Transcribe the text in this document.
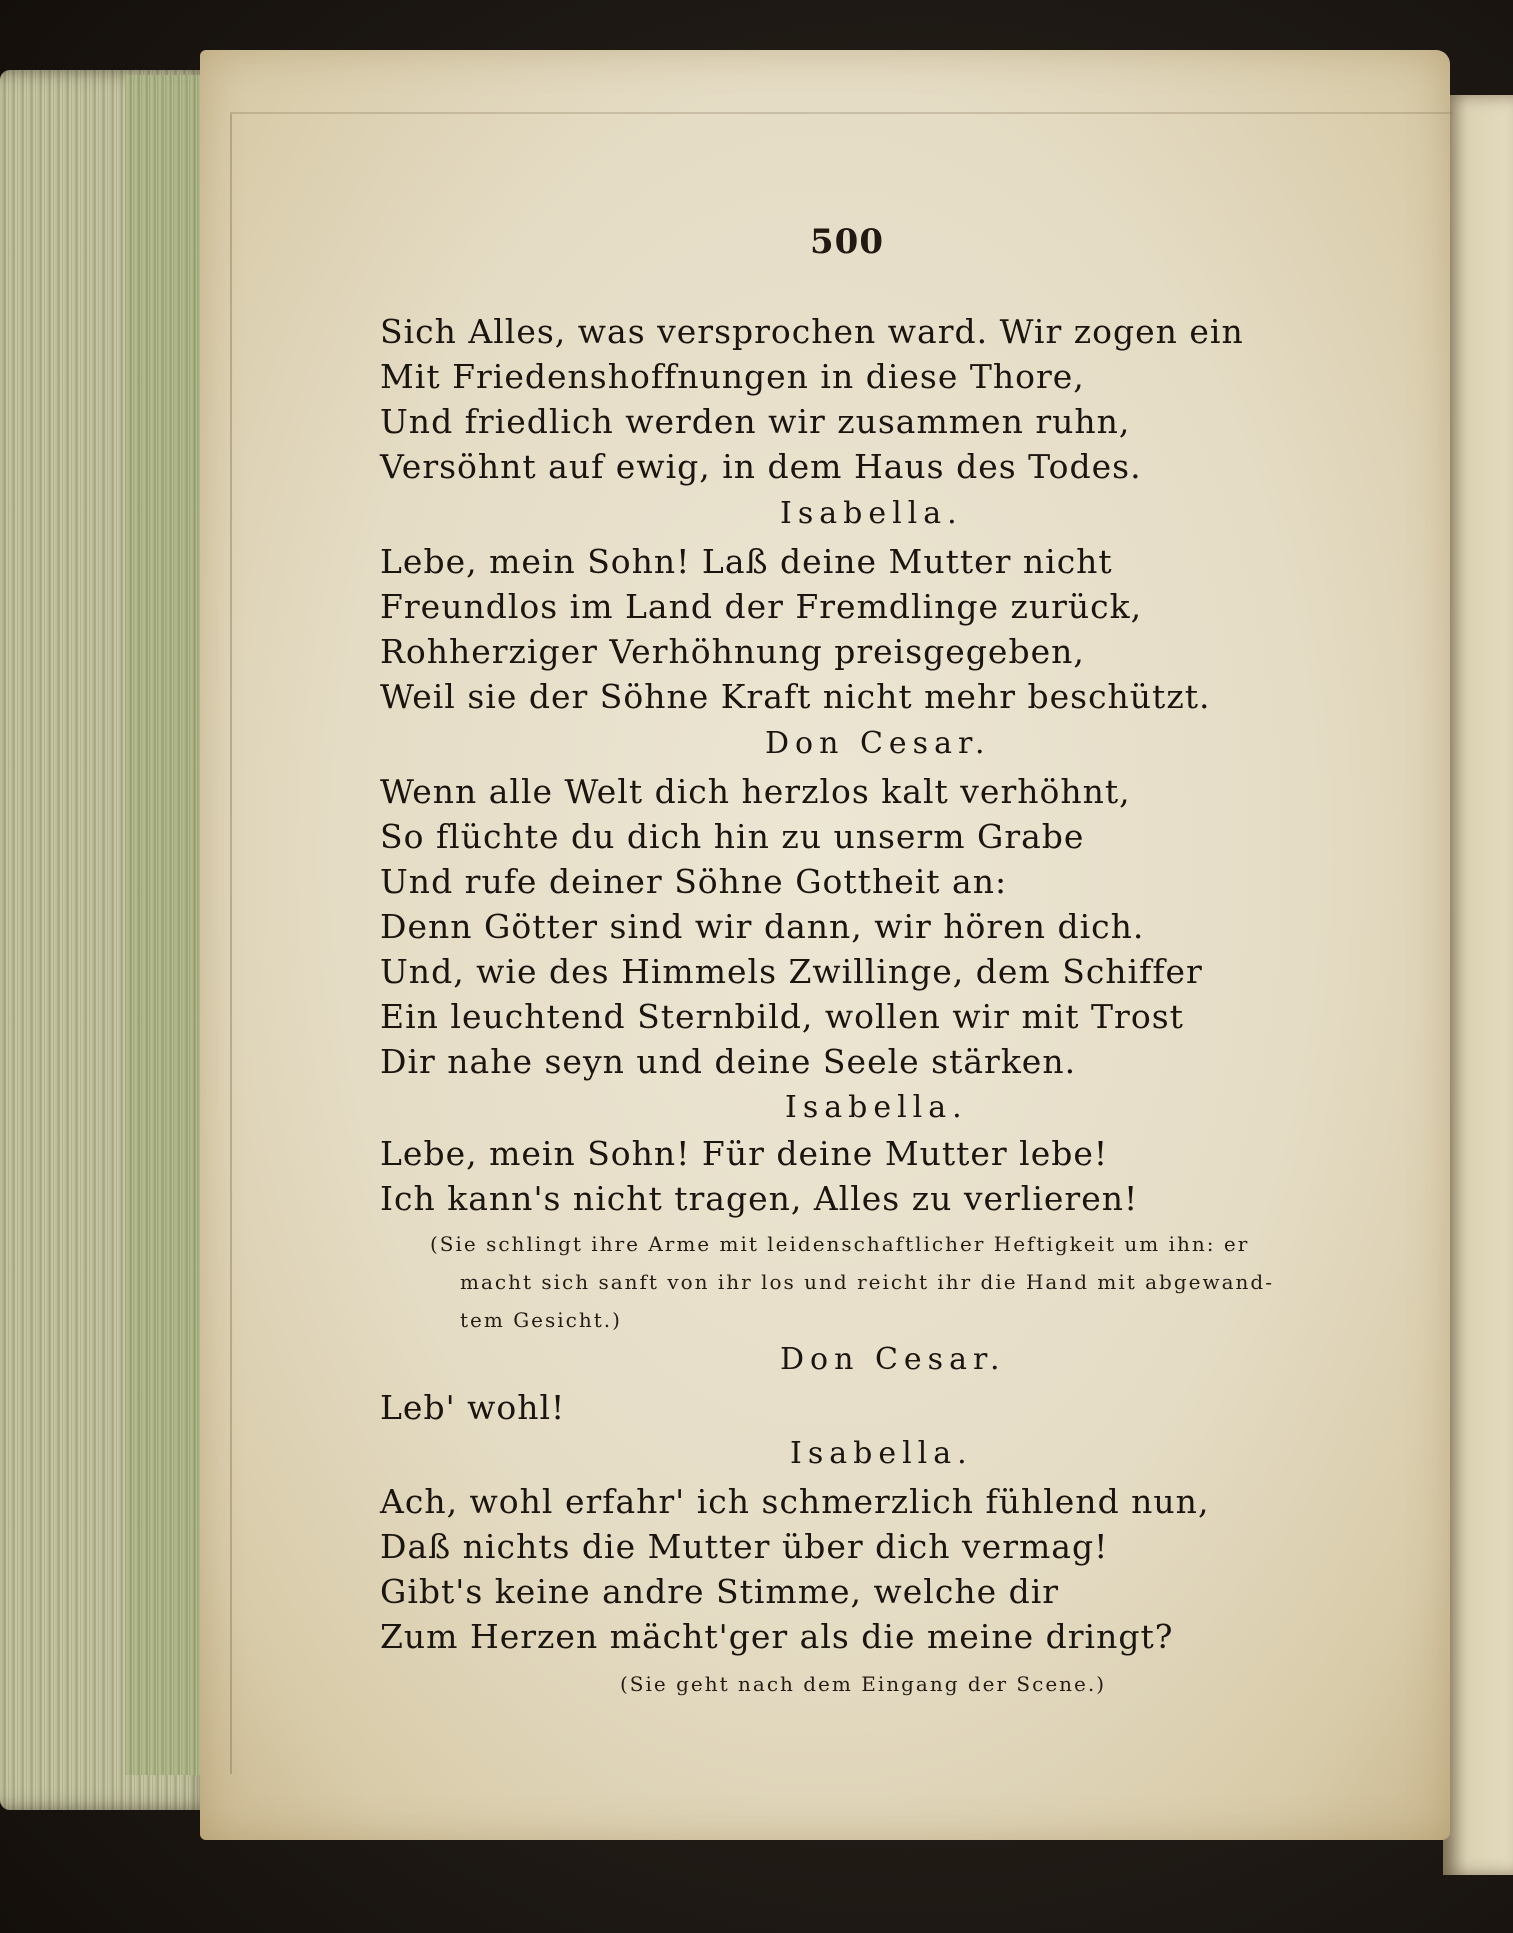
500
Sich Alles, was versprochen ward. Wir zogen ein
Mit Friedenshoffnungen in diese Thore,
Und friedlich werden wir zusammen ruhn,
Versöhnt auf ewig, in dem Haus des Todes.
Isabella.
Lebe, mein Sohn! Laß deine Mutter nicht
Freundlos im Land der Fremdlinge zurück,
Rohherziger Verhöhnung preisgegeben,
Weil sie der Söhne Kraft nicht mehr beschützt.
Don Cesar.
Wenn alle Welt dich herzlos kalt verhöhnt,
So flüchte du dich hin zu unserm Grabe
Und rufe deiner Söhne Gottheit an:
Denn Götter sind wir dann, wir hören dich.
Und, wie des Himmels Zwillinge, dem Schiffer
Ein leuchtend Sternbild, wollen wir mit Trost
Dir nahe seyn und deine Seele stärken.
Isabella.
Lebe, mein Sohn! Für deine Mutter lebe!
Ich kann's nicht tragen, Alles zu verlieren!
(Sie schlingt ihre Arme mit leidenschaftlicher Heftigkeit um ihn: er
macht sich sanft von ihr los und reicht ihr die Hand mit abgewand-
tem Gesicht.)
Don Cesar.
Leb' wohl!
Isabella.
Ach, wohl erfahr' ich schmerzlich fühlend nun,
Daß nichts die Mutter über dich vermag!
Gibt's keine andre Stimme, welche dir
Zum Herzen mächt'ger als die meine dringt?
(Sie geht nach dem Eingang der Scene.)
